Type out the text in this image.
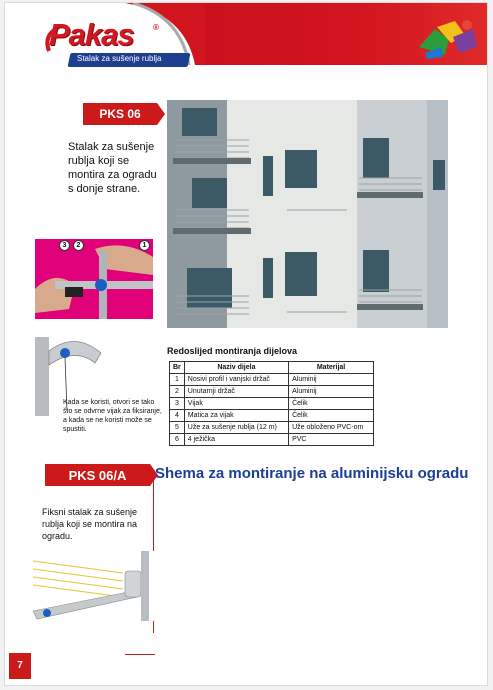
Pakas ®
Stalak za sušenje rublja
PKS 06
Stalak za sušenje rublja koji se montira za ogradu s donje strane.
3	2	1
Kada se koristi, otvori se tako što se odvrne vijak za fiksiranje, a kada se ne koristi može se spustiti.
Redoslijed montiranja dijelova
Br	Naziv dijela	Materijal
1	Nosivi profil i vanjski držač	Aluminij
2	Unutarnji držač	Aluminij
3	Vijak	Čelik
4	Matica za vijak	Čelik
5	Uže za sušenje rublja (12 m)	Uže obloženo PVC-om
6	4 ježička	PVC
PKS 06/A	Shema za montiranje na aluminijsku ogradu
Fiksni stalak za sušenje rublja koji se montira na ogradu.
7
